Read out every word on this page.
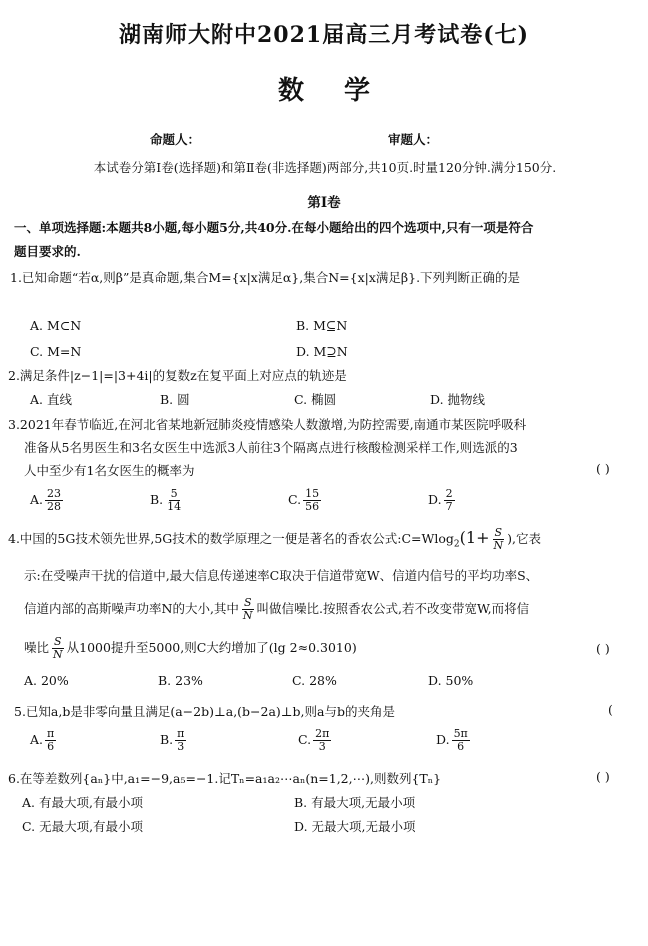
湖南师大附中2021届高三月考试卷(七)
数学
命题人：	审题人：
本试卷分第Ⅰ卷(选择题)和第Ⅱ卷(非选择题)两部分,共10页.时量120分钟.满分150分.
第Ⅰ卷
一、单项选择题:本题共8小题,每小题5分,共40分.在每小题给出的四个选项中,只有一项是符合
题目要求的.
1.已知命题“若α,则β”是真命题,集合M={x|x满足α},集合N={x|x满足β}.下列判断正确的是
A. M⊂N	B. M⊆N
C. M=N	D. M⊇N
2.满足条件|z−1|=|3+4i|的复数z在复平面上对应点的轨迹是
A. 直线	B. 圆	C. 椭圆	D. 抛物线
3.2021年春节临近,在河北省某地新冠肺炎疫情感染人数激增,为防控需要,南通市某医院呼吸科
准备从5名男医生和3名女医生中选派3人前往3个隔离点进行核酸检测采样工作,则选派的3
人中至少有1名女医生的概率为	( )
A. $\frac{23}{28}$	B. $\frac{5}{14}$	C. $\frac{15}{56}$	D. $\frac{2}{7}$
4.中国的5G技术领先世界,5G技术的数学原理之一便是著名的香农公式:C=Wlog$_2$(1+ $\frac{S}{N}$ ),它表
示:在受噪声干扰的信道中,最大信息传递速率C取决于信道带宽W、信道内信号的平均功率S、
信道内部的高斯噪声功率N的大小,其中 $\frac{S}{N}$ 叫做信噪比.按照香农公式,若不改变带宽W,而将信
噪比 $\frac{S}{N}$ 从1000提升至5000,则C大约增加了(lg 2≈0.3010)	( )
A. 20%	B. 23%	C. 28%	D. 50%
5.已知a,b是非零向量且满足(a−2b)⊥a,(b−2a)⊥b,则a与b的夹角是	(
A. $\frac{\pi}{6}$	B. $\frac{\pi}{3}$	C. $\frac{2\pi}{3}$	D. $\frac{5\pi}{6}$
6.在等差数列{aₙ}中,a₁=−9,a₅=−1.记Tₙ=a₁a₂⋯aₙ(n=1,2,⋯),则数列{Tₙ}	( )
A. 有最大项,有最小项	B. 有最大项,无最小项
C. 无最大项,有最小项	D. 无最大项,无最小项
